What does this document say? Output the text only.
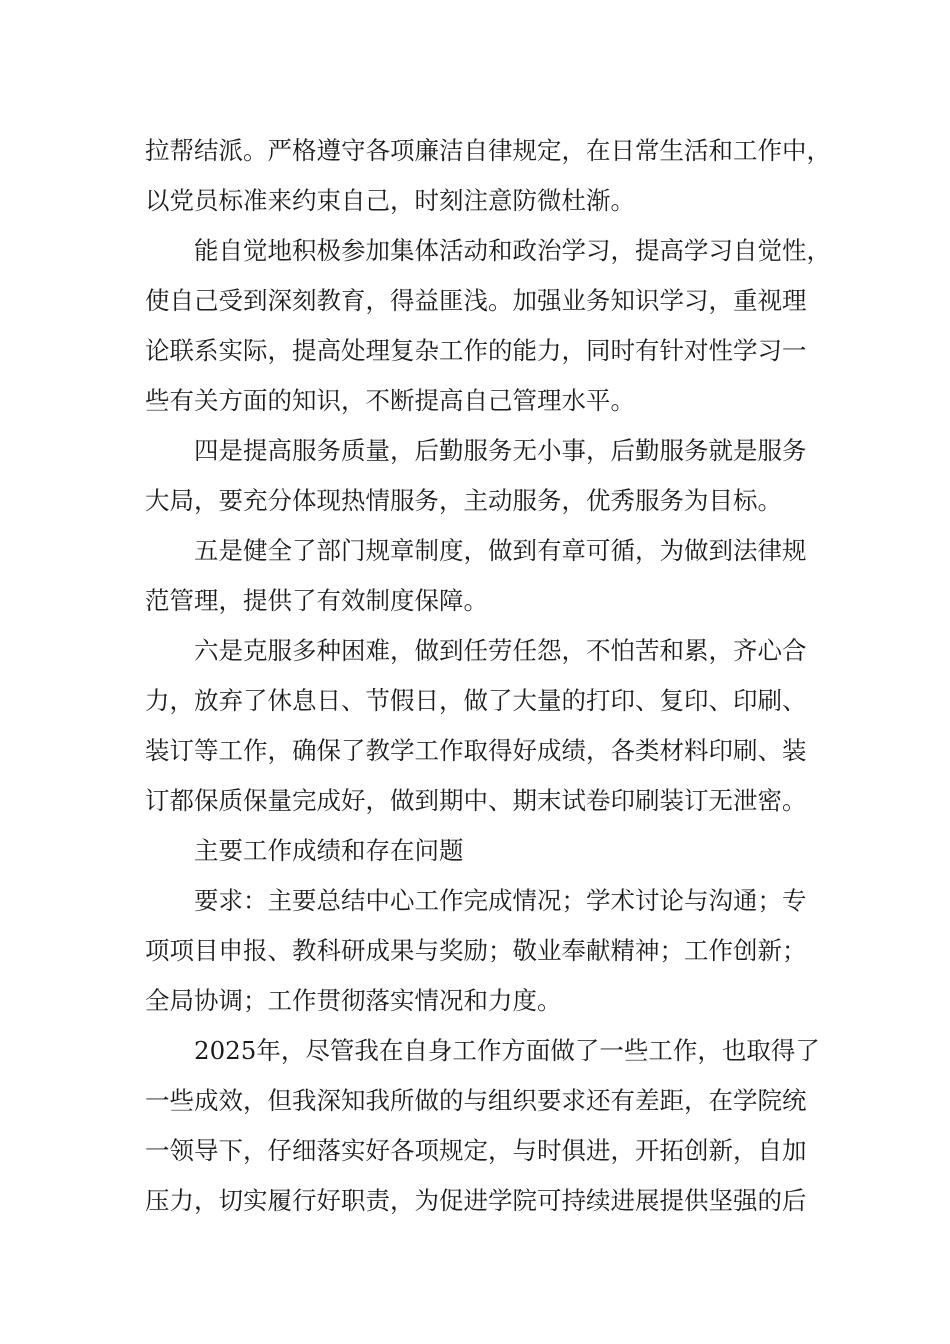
拉帮结派。严格遵守各项廉洁自律规定，在日常生活和工作中，
以党员标准来约束自己，时刻注意防微杜渐。
能自觉地积极参加集体活动和政治学习，提高学习自觉性，
使自己受到深刻教育，得益匪浅。加强业务知识学习，重视理
论联系实际，提高处理复杂工作的能力，同时有针对性学习一
些有关方面的知识，不断提高自己管理水平。
四是提高服务质量，后勤服务无小事，后勤服务就是服务
大局，要充分体现热情服务，主动服务，优秀服务为目标。
五是健全了部门规章制度，做到有章可循，为做到法律规
范管理，提供了有效制度保障。
六是克服多种困难，做到任劳任怨，不怕苦和累，齐心合
力，放弃了休息日、节假日，做了大量的打印、复印、印刷、
装订等工作，确保了教学工作取得好成绩，各类材料印刷、装
订都保质保量完成好，做到期中、期末试卷印刷装订无泄密。
主要工作成绩和存在问题
要求：主要总结中心工作完成情况；学术讨论与沟通；专
项项目申报、教科研成果与奖励；敬业奉献精神；工作创新；
全局协调；工作贯彻落实情况和力度。
2025年，尽管我在自身工作方面做了一些工作，也取得了
一些成效，但我深知我所做的与组织要求还有差距，在学院统
一领导下，仔细落实好各项规定，与时俱进，开拓创新，自加
压力，切实履行好职责，为促进学院可持续进展提供坚强的后
